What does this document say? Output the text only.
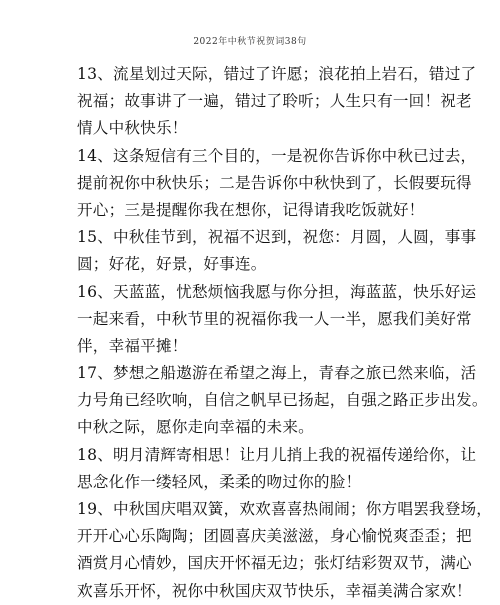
2022年中秋节祝贺词38句
13、流星划过天际，错过了许愿；浪花拍上岩石，错过了
祝福；故事讲了一遍，错过了聆听；人生只有一回！祝老
情人中秋快乐！
14、这条短信有三个目的，一是祝你告诉你中秋已过去，
提前祝你中秋快乐；二是告诉你中秋快到了，长假要玩得
开心；三是提醒你我在想你，记得请我吃饭就好！
15、中秋佳节到，祝福不迟到，祝您：月圆，人圆，事事
圆；好花，好景，好事连。
16、天蓝蓝，忧愁烦恼我愿与你分担，海蓝蓝，快乐好运
一起来看，中秋节里的祝福你我一人一半，愿我们美好常
伴，幸福平摊！
17、梦想之船遨游在希望之海上，青春之旅已然来临，活
力号角已经吹响，自信之帆早已扬起，自强之路正步出发。
中秋之际，愿你走向幸福的未来。
18、明月清辉寄相思！让月儿捎上我的祝福传递给你，让
思念化作一缕轻风，柔柔的吻过你的脸！
19、中秋国庆唱双簧，欢欢喜喜热闹闹；你方唱罢我登场，
开开心心乐陶陶；团圆喜庆美滋滋，身心愉悦爽歪歪；把
酒赏月心情妙，国庆开怀福无边；张灯结彩贺双节，满心
欢喜乐开怀，祝你中秋国庆双节快乐，幸福美满合家欢！
